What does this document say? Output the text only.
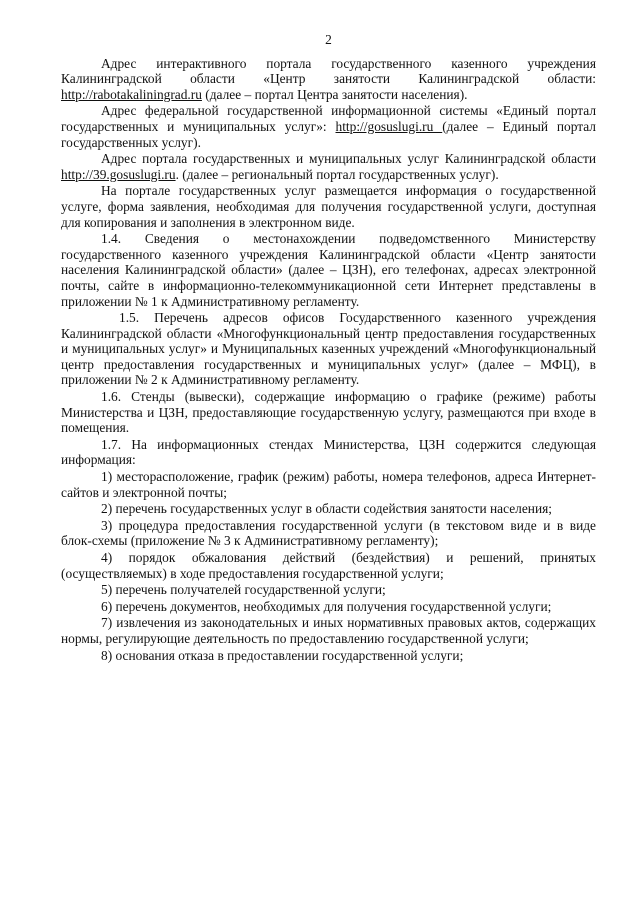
2

Адрес интерактивного портала государственного казенного учреждения Калининградской области «Центр занятости Калининградской области: http://rabotakaliningrad.ru (далее – портал Центра занятости населения).

Адрес федеральной государственной информационной системы «Единый портал государственных и муниципальных услуг»: http://gosuslugi.ru (далее – Единый портал государственных услуг).

Адрес портала государственных и муниципальных услуг Калининградской области http://39.gosuslugi.ru. (далее – региональный портал государственных услуг).

На портале государственных услуг размещается информация о государственной услуге, форма заявления, необходимая для получения государственной услуги, доступная для копирования и заполнения в электронном виде.

1.4. Сведения о местонахождении подведомственного Министерству государственного казенного учреждения Калининградской области «Центр занятости населения Калининградской области» (далее – ЦЗН), его телефонах, адресах электронной почты, сайте в информационно-телекоммуникационной сети Интернет представлены в приложении № 1 к Административному регламенту.

1.5. Перечень адресов офисов Государственного казенного учреждения Калининградской области «Многофункциональный центр предоставления государственных и муниципальных услуг» и Муниципальных казенных учреждений «Многофункциональный центр предоставления государственных и муниципальных услуг» (далее – МФЦ), в приложении № 2 к Административному регламенту.

1.6. Стенды (вывески), содержащие информацию о графике (режиме) работы Министерства и ЦЗН, предоставляющие государственную услугу, размещаются при входе в помещения.

1.7. На информационных стендах Министерства, ЦЗН содержится следующая информация:

1) месторасположение, график (режим) работы, номера телефонов, адреса Интернет-сайтов и электронной почты;

2) перечень государственных услуг в области содействия занятости населения;

3) процедура предоставления государственной услуги (в текстовом виде и в виде блок-схемы (приложение № 3 к Административному регламенту);

4) порядок обжалования действий (бездействия) и решений, принятых (осуществляемых) в ходе предоставления государственной услуги;

5) перечень получателей государственной услуги;

6) перечень документов, необходимых для получения государственной услуги;

7) извлечения из законодательных и иных нормативных правовых актов, содержащих нормы, регулирующие деятельность по предоставлению государственной услуги;

8) основания отказа в предоставлении государственной услуги;
